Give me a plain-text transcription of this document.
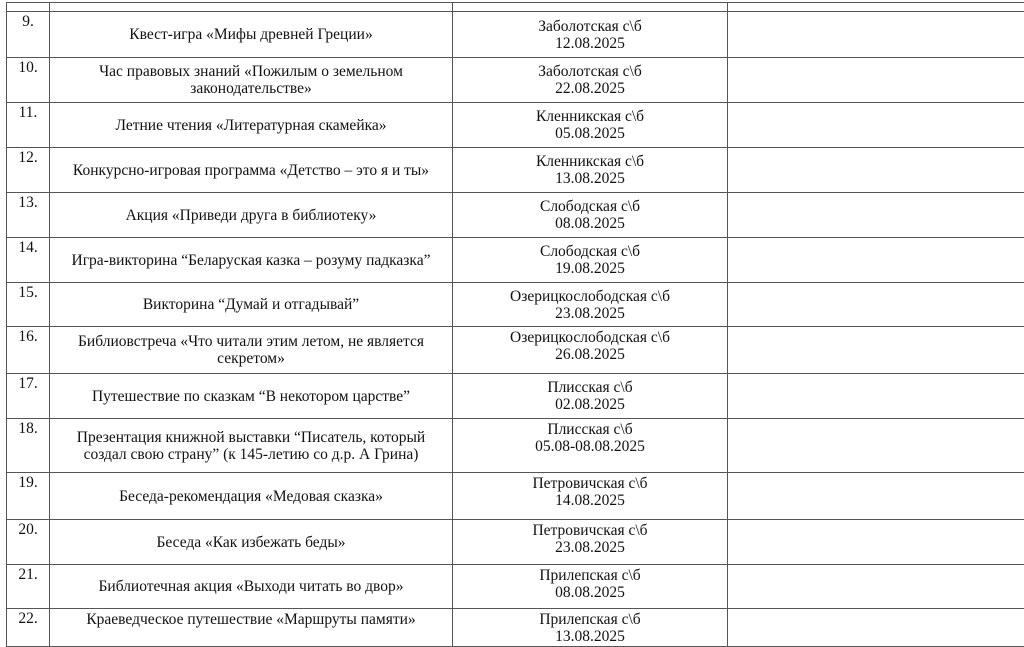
9.	Квест-игра «Мифы древней Греции»	Заболотская с\б
12.08.2025	

10.	Час правовых знаний «Пожилым о земельном законодательстве»	Заболотская с\б
22.08.2025	

11.	Летние чтения «Литературная скамейка»	Кленникская с\б
05.08.2025	

12.	Конкурсно-игровая программа «Детство – это я и ты»	Кленникская с\б
13.08.2025	

13.	Акция «Приведи друга в библиотеку»	Слободская с\б
08.08.2025	

14.	Игра-викторина “Беларуская казка – розуму падказка”	Слободская с\б
19.08.2025	

15.	Викторина “Думай и отгадывай”	Озерицкослободская с\б
23.08.2025	

16.	Библиовстреча «Что читали этим летом, не является секретом»	Озерицкослободская с\б
26.08.2025	

17.	Путешествие по сказкам “В некотором царстве”	Плисская с\б
02.08.2025	

18.	Презентация книжной выставки “Писатель, который создал свою страну” (к 145-летию со д.р. А Грина)	Плисская с\б
05.08-08.08.2025	

19.	Беседа-рекомендация «Медовая сказка»	Петровичская с\б
14.08.2025	

20.	Беседа «Как избежать беды»	Петровичская с\б
23.08.2025	

21.	Библиотечная акция «Выходи читать во двор»	Прилепская с\б
08.08.2025	

22.	Краеведческое путешествие «Маршруты памяти»	Прилепская с\б
13.08.2025	
